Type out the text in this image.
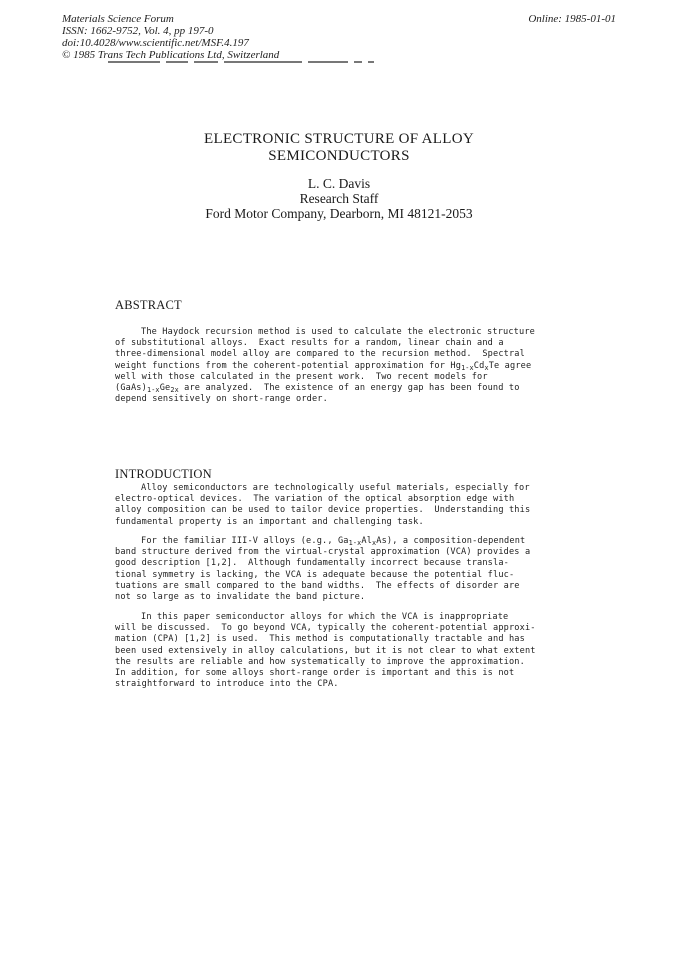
Materials Science Forum
ISSN: 1662-9752, Vol. 4, pp 197-0
doi:10.4028/www.scientific.net/MSF.4.197
© 1985 Trans Tech Publications Ltd, Switzerland
Online: 1985-01-01
ELECTRONIC STRUCTURE OF ALLOY
SEMICONDUCTORS
L. C. Davis
Research Staff
Ford Motor Company, Dearborn, MI 48121-2053
ABSTRACT
The Haydock recursion method is used to calculate the electronic structure
of substitutional alloys.  Exact results for a random, linear chain and a
three-dimensional model alloy are compared to the recursion method.  Spectral
weight functions from the coherent-potential approximation for $Hg_{1-x}Cd_xTe$ agree
well with those calculated in the present work.  Two recent models for
$(GaAs)_{1-x}Ge_{2x}$ are analyzed.  The existence of an energy gap has been found to
depend sensitively on short-range order.
INTRODUCTION
Alloy semiconductors are technologically useful materials, especially for
electro-optical devices.  The variation of the optical absorption edge with
alloy composition can be used to tailor device properties.  Understanding this
fundamental property is an important and challenging task.
For the familiar III-V alloys (e.g., $Ga_{1-x}Al_xAs$), a composition-dependent
band structure derived from the virtual-crystal approximation (VCA) provides a
good description [1,2].  Although fundamentally incorrect because transla-
tional symmetry is lacking, the VCA is adequate because the potential fluc-
tuations are small compared to the band widths.  The effects of disorder are
not so large as to invalidate the band picture.
In this paper semiconductor alloys for which the VCA is inappropriate
will be discussed.  To go beyond VCA, typically the coherent-potential approxi-
mation (CPA) [1,2] is used.  This method is computationally tractable and has
been used extensively in alloy calculations, but it is not clear to what extent
the results are reliable and how systematically to improve the approximation.
In addition, for some alloys short-range order is important and this is not
straightforward to introduce into the CPA.
